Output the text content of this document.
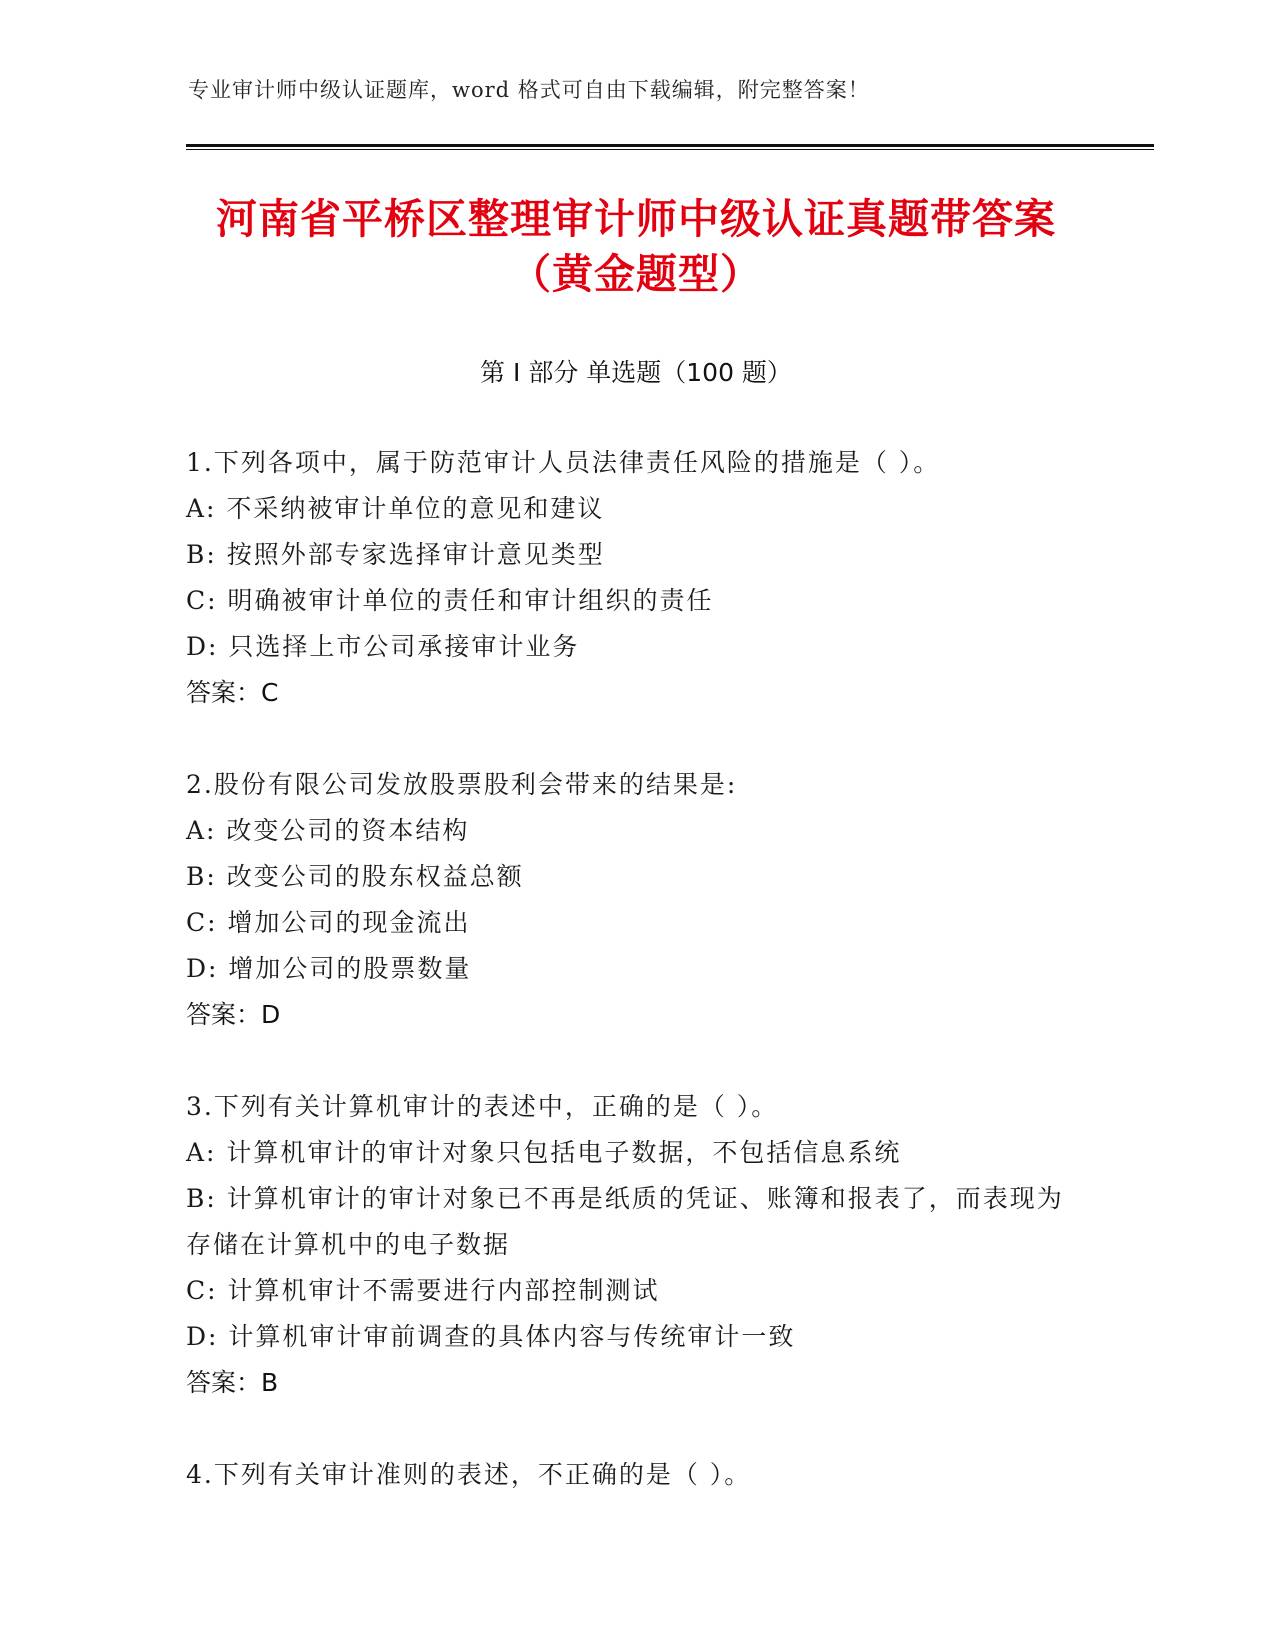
专业审计师中级认证题库，word 格式可自由下载编辑，附完整答案！
河南省平桥区整理审计师中级认证真题带答案（黄金题型）
第 I 部分 单选题（100 题）
1.下列各项中，属于防范审计人员法律责任风险的措施是（ ）。
A: 不采纳被审计单位的意见和建议
B: 按照外部专家选择审计意见类型
C: 明确被审计单位的责任和审计组织的责任
D: 只选择上市公司承接审计业务
答案：C
2.股份有限公司发放股票股利会带来的结果是:
A: 改变公司的资本结构
B: 改变公司的股东权益总额
C: 增加公司的现金流出
D: 增加公司的股票数量
答案：D
3.下列有关计算机审计的表述中，正确的是（ ）。
A: 计算机审计的审计对象只包括电子数据，不包括信息系统
B: 计算机审计的审计对象已不再是纸质的凭证、账簿和报表了，而表现为存储在计算机中的电子数据
C: 计算机审计不需要进行内部控制测试
D: 计算机审计审前调查的具体内容与传统审计一致
答案：B
4.下列有关审计准则的表述，不正确的是（ ）。
